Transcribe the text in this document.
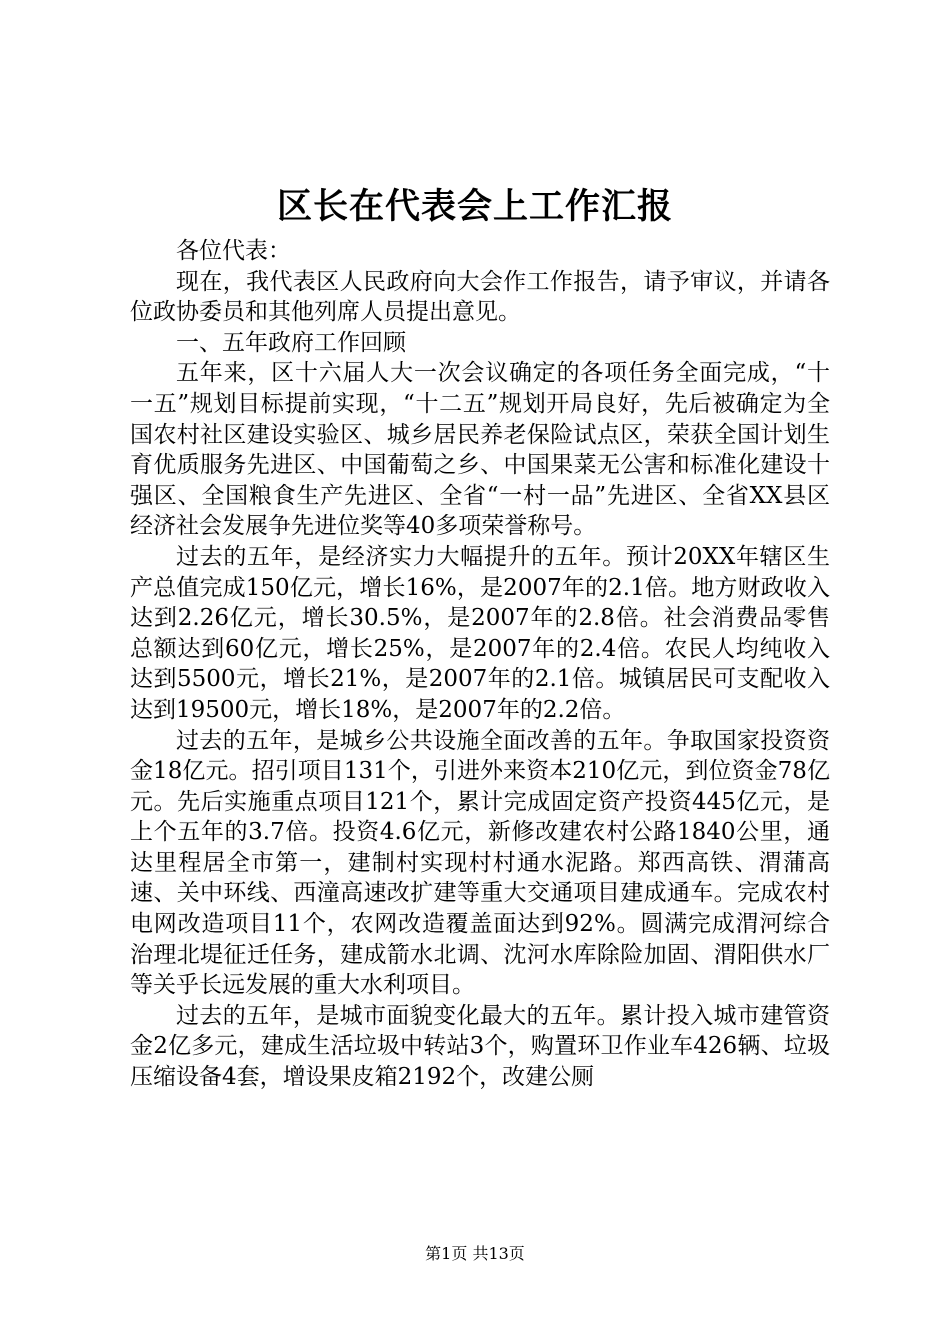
区长在代表会上工作汇报

各位代表：

现在，我代表区人民政府向大会作工作报告，请予审议，并请各位政协委员和其他列席人员提出意见。

一、五年政府工作回顾

五年来，区十六届人大一次会议确定的各项任务全面完成，“十一五”规划目标提前实现，“十二五”规划开局良好，先后被确定为全国农村社区建设实验区、城乡居民养老保险试点区，荣获全国计划生育优质服务先进区、中国葡萄之乡、中国果菜无公害和标准化建设十强区、全国粮食生产先进区、全省“一村一品”先进区、全省XX县区经济社会发展争先进位奖等40多项荣誉称号。

过去的五年，是经济实力大幅提升的五年。预计20XX年辖区生产总值完成150亿元，增长16%，是2007年的2.1倍。地方财政收入达到2.26亿元，增长30.5%，是2007年的2.8倍。社会消费品零售总额达到60亿元，增长25%，是2007年的2.4倍。农民人均纯收入达到5500元，增长21%，是2007年的2.1倍。城镇居民可支配收入达到19500元，增长18%，是2007年的2.2倍。

过去的五年，是城乡公共设施全面改善的五年。争取国家投资资金18亿元。招引项目131个，引进外来资本210亿元，到位资金78亿元。先后实施重点项目121个，累计完成固定资产投资445亿元，是上个五年的3.7倍。投资4.6亿元，新修改建农村公路1840公里，通达里程居全市第一，建制村实现村村通水泥路。郑西高铁、渭蒲高速、关中环线、西潼高速改扩建等重大交通项目建成通车。完成农村电网改造项目11个，农网改造覆盖面达到92%。圆满完成渭河综合治理北堤征迁任务，建成箭水北调、沈河水库除险加固、渭阳供水厂等关乎长远发展的重大水利项目。

过去的五年，是城市面貌变化最大的五年。累计投入城市建管资金2亿多元，建成生活垃圾中转站3个，购置环卫作业车426辆、垃圾压缩设备4套，增设果皮箱2192个，改建公厕

第1页 共13页
